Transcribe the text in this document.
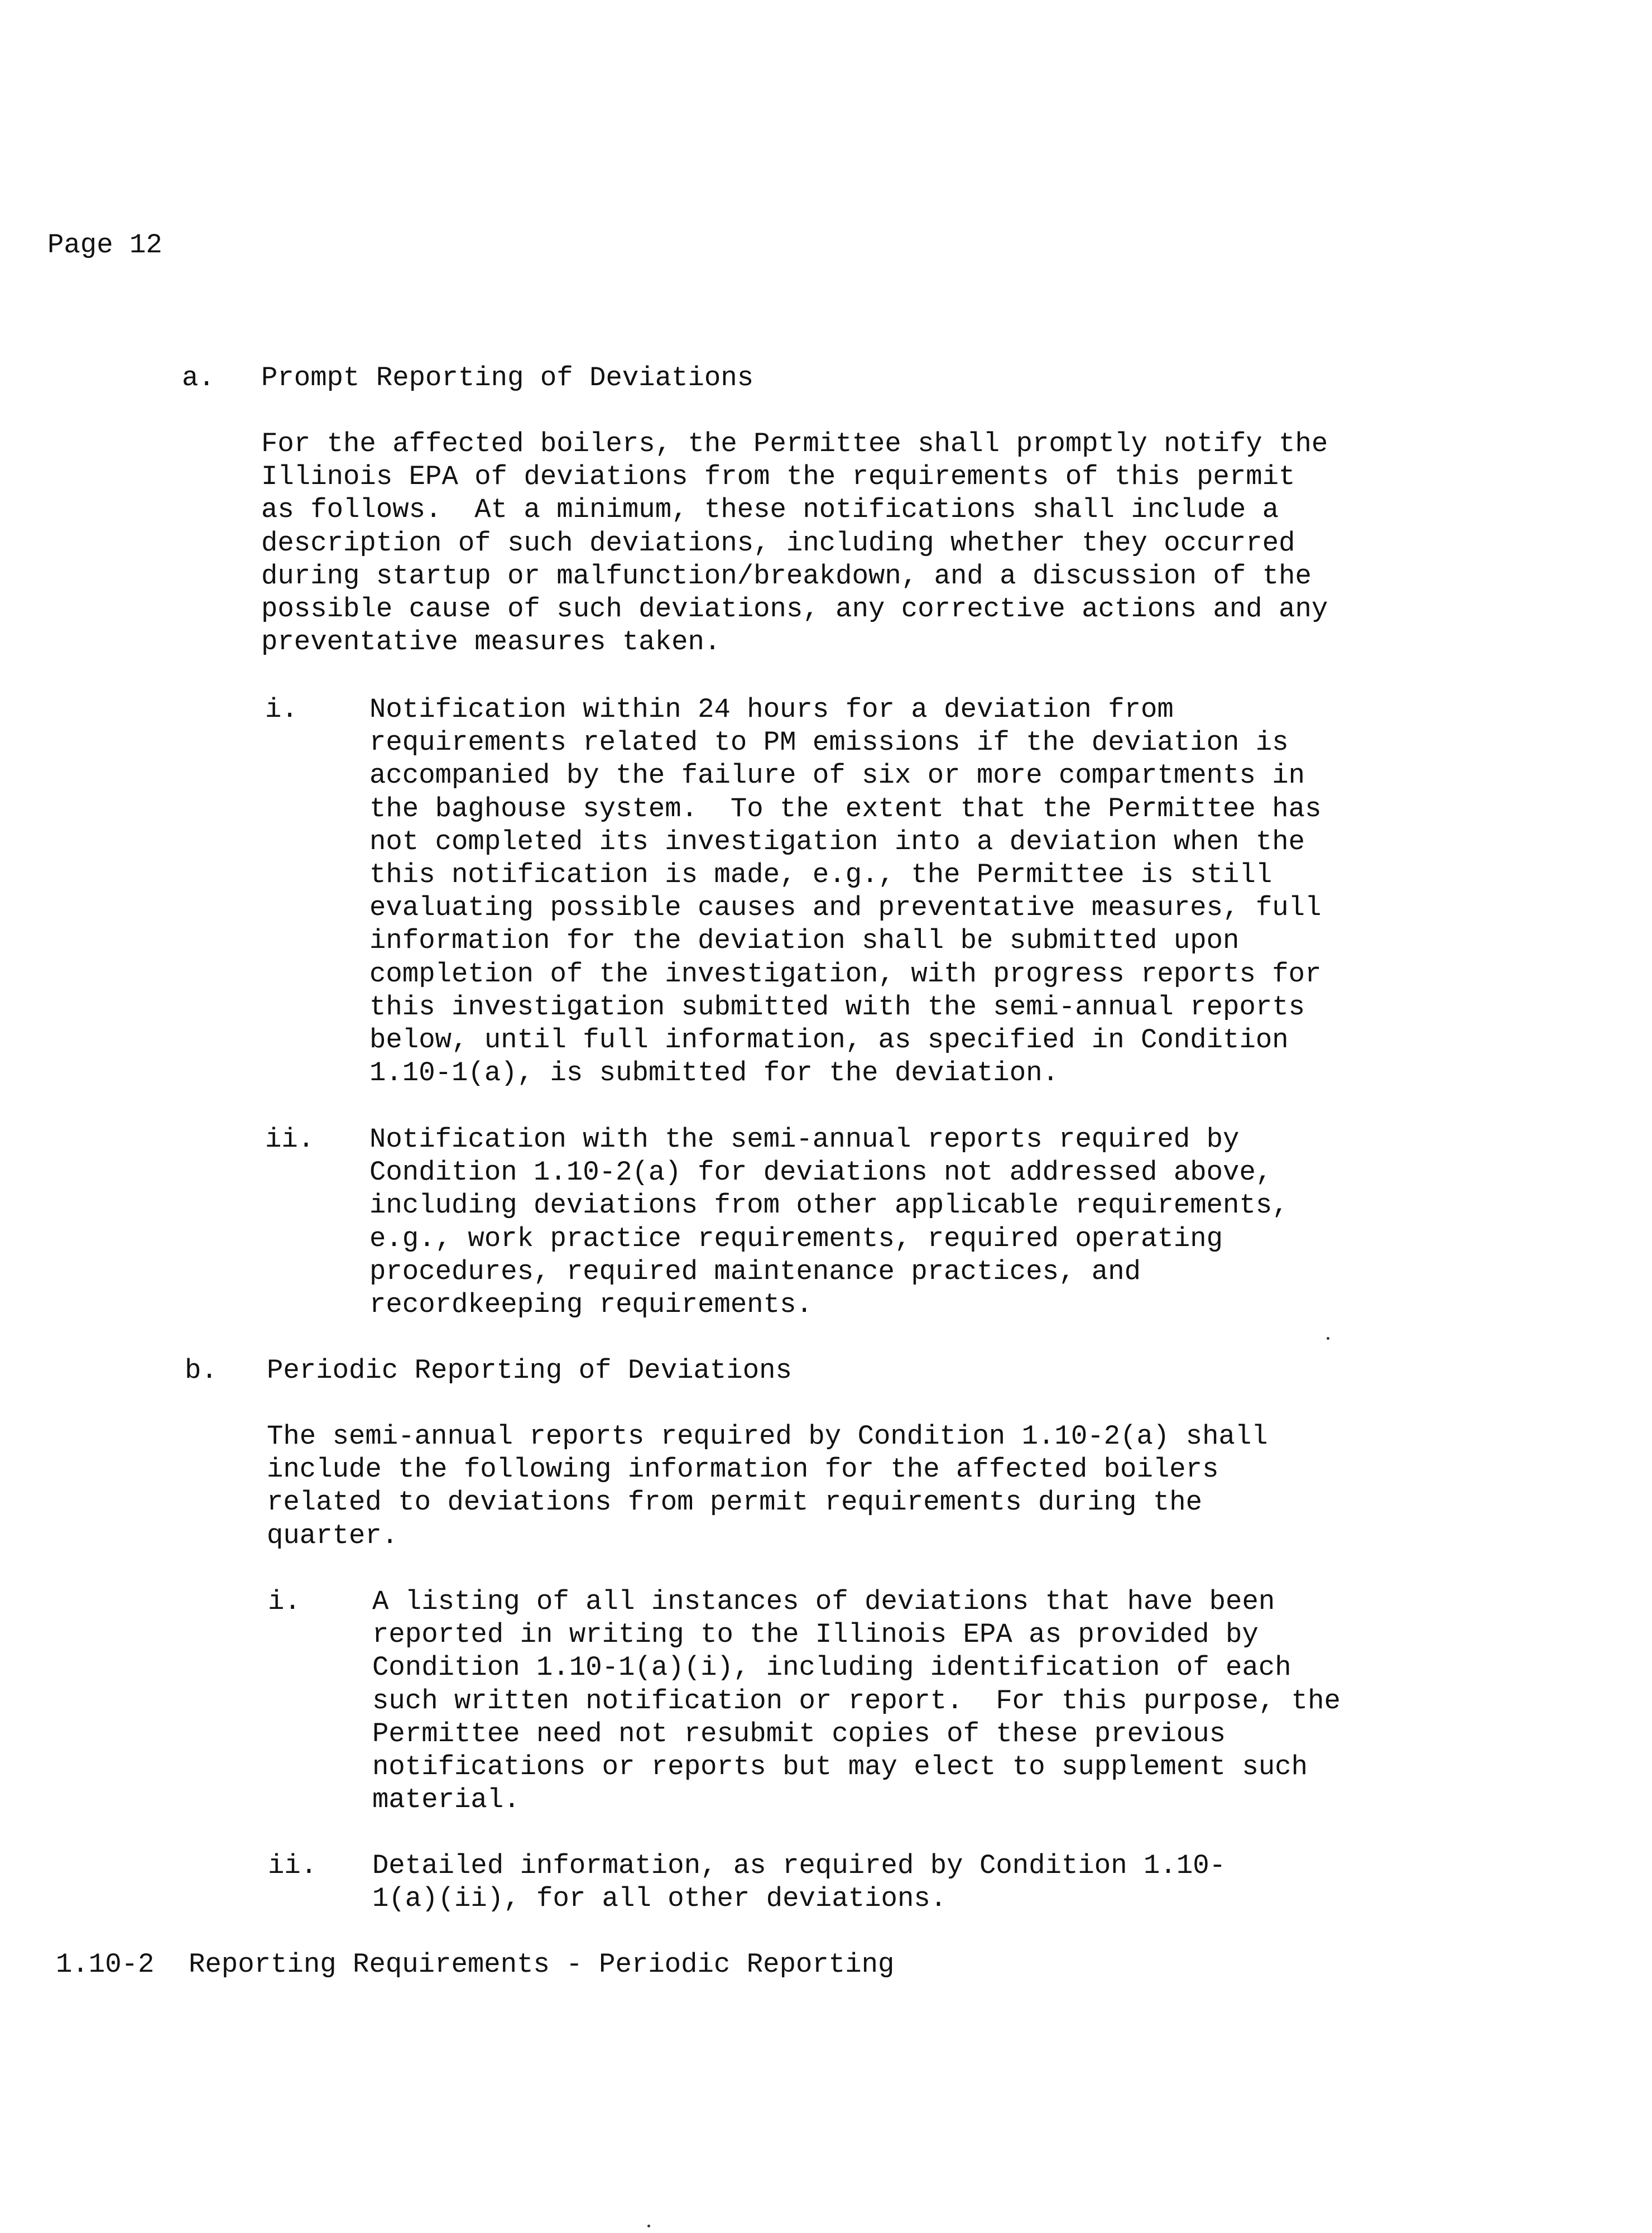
Page 12
a. Prompt Reporting of Deviations
For the affected boilers, the Permittee shall promptly notify the
Illinois EPA of deviations from the requirements of this permit
as follows.  At a minimum, these notifications shall include a
description of such deviations, including whether they occurred
during startup or malfunction/breakdown, and a discussion of the
possible cause of such deviations, any corrective actions and any
preventative measures taken.
i.	Notification within 24 hours for a deviation from
requirements related to PM emissions if the deviation is
accompanied by the failure of six or more compartments in
the baghouse system.  To the extent that the Permittee has
not completed its investigation into a deviation when the
this notification is made, e.g., the Permittee is still
evaluating possible causes and preventative measures, full
information for the deviation shall be submitted upon
completion of the investigation, with progress reports for
this investigation submitted with the semi-annual reports
below, until full information, as specified in Condition
1.10-1(a), is submitted for the deviation.
ii. Notification with the semi-annual reports required by
Condition 1.10-2(a) for deviations not addressed above,
including deviations from other applicable requirements,
e.g., work practice requirements, required operating
procedures, required maintenance practices, and
recordkeeping requirements.
b. Periodic Reporting of Deviations
The semi-annual reports required by Condition 1.10-2(a) shall
include the following information for the affected boilers
related to deviations from permit requirements during the
quarter.
i.	A listing of all instances of deviations that have been
reported in writing to the Illinois EPA as provided by
Condition 1.10-1(a)(i), including identification of each
such written notification or report.  For this purpose, the
Permittee need not resubmit copies of these previous
notifications or reports but may elect to supplement such
material.
ii. Detailed information, as required by Condition 1.10-
1(a)(ii), for all other deviations.
1.10-2 Reporting Requirements - Periodic Reporting
